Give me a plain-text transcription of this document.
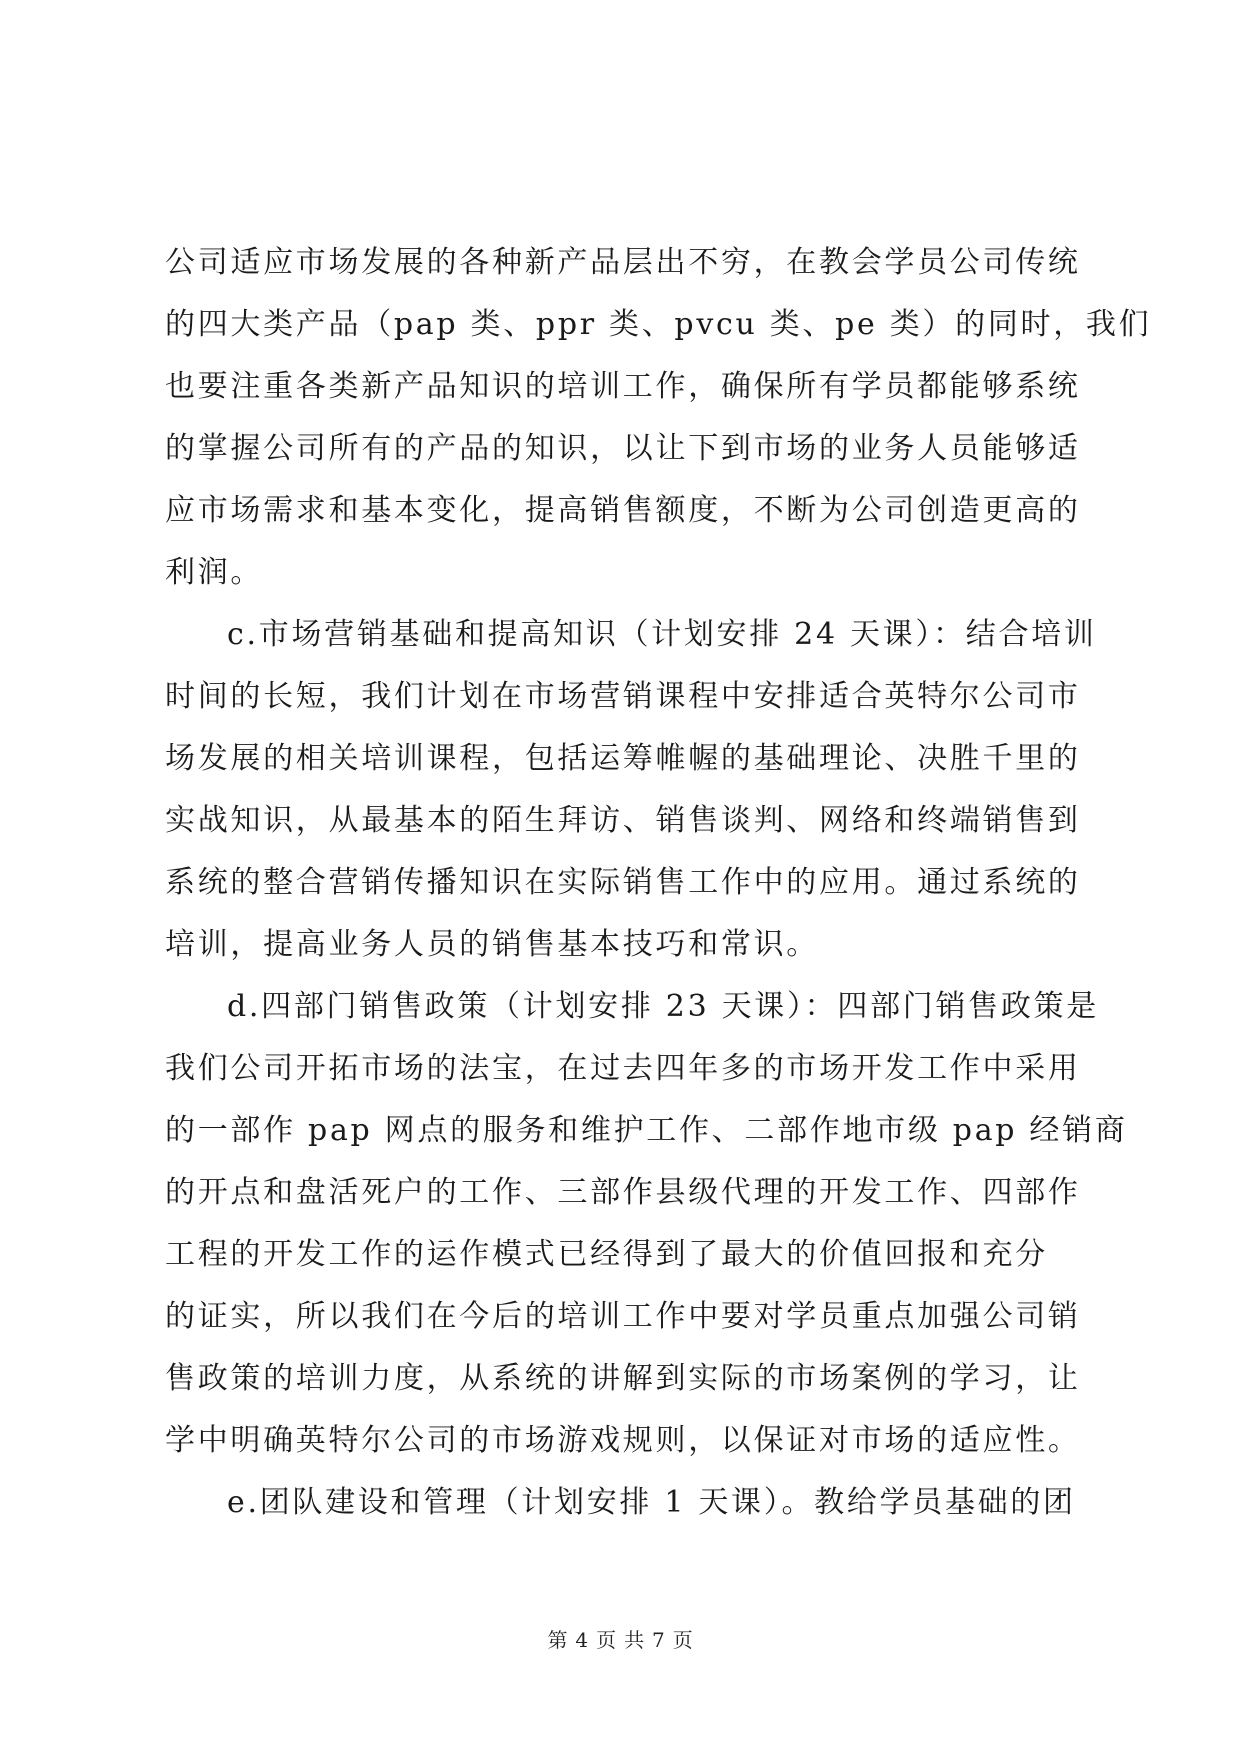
公司适应市场发展的各种新产品层出不穷，在教会学员公司传统
的四大类产品（pap 类、ppr 类、pvcu 类、pe 类）的同时，我们
也要注重各类新产品知识的培训工作，确保所有学员都能够系统
的掌握公司所有的产品的知识，以让下到市场的业务人员能够适
应市场需求和基本变化，提高销售额度，不断为公司创造更高的
利润。
c.市场营销基础和提高知识（计划安排 24 天课）：结合培训
时间的长短，我们计划在市场营销课程中安排适合英特尔公司市
场发展的相关培训课程，包括运筹帷幄的基础理论、决胜千里的
实战知识，从最基本的陌生拜访、销售谈判、网络和终端销售到
系统的整合营销传播知识在实际销售工作中的应用。通过系统的
培训，提高业务人员的销售基本技巧和常识。
d.四部门销售政策（计划安排 23 天课）：四部门销售政策是
我们公司开拓市场的法宝，在过去四年多的市场开发工作中采用
的一部作 pap 网点的服务和维护工作、二部作地市级 pap 经销商
的开点和盘活死户的工作、三部作县级代理的开发工作、四部作
工程的开发工作的运作模式已经得到了最大的价值回报和充分
的证实，所以我们在今后的培训工作中要对学员重点加强公司销
售政策的培训力度，从系统的讲解到实际的市场案例的学习，让
学中明确英特尔公司的市场游戏规则，以保证对市场的适应性。
e.团队建设和管理（计划安排 1 天课）。教给学员基础的团
第 4 页 共 7 页
